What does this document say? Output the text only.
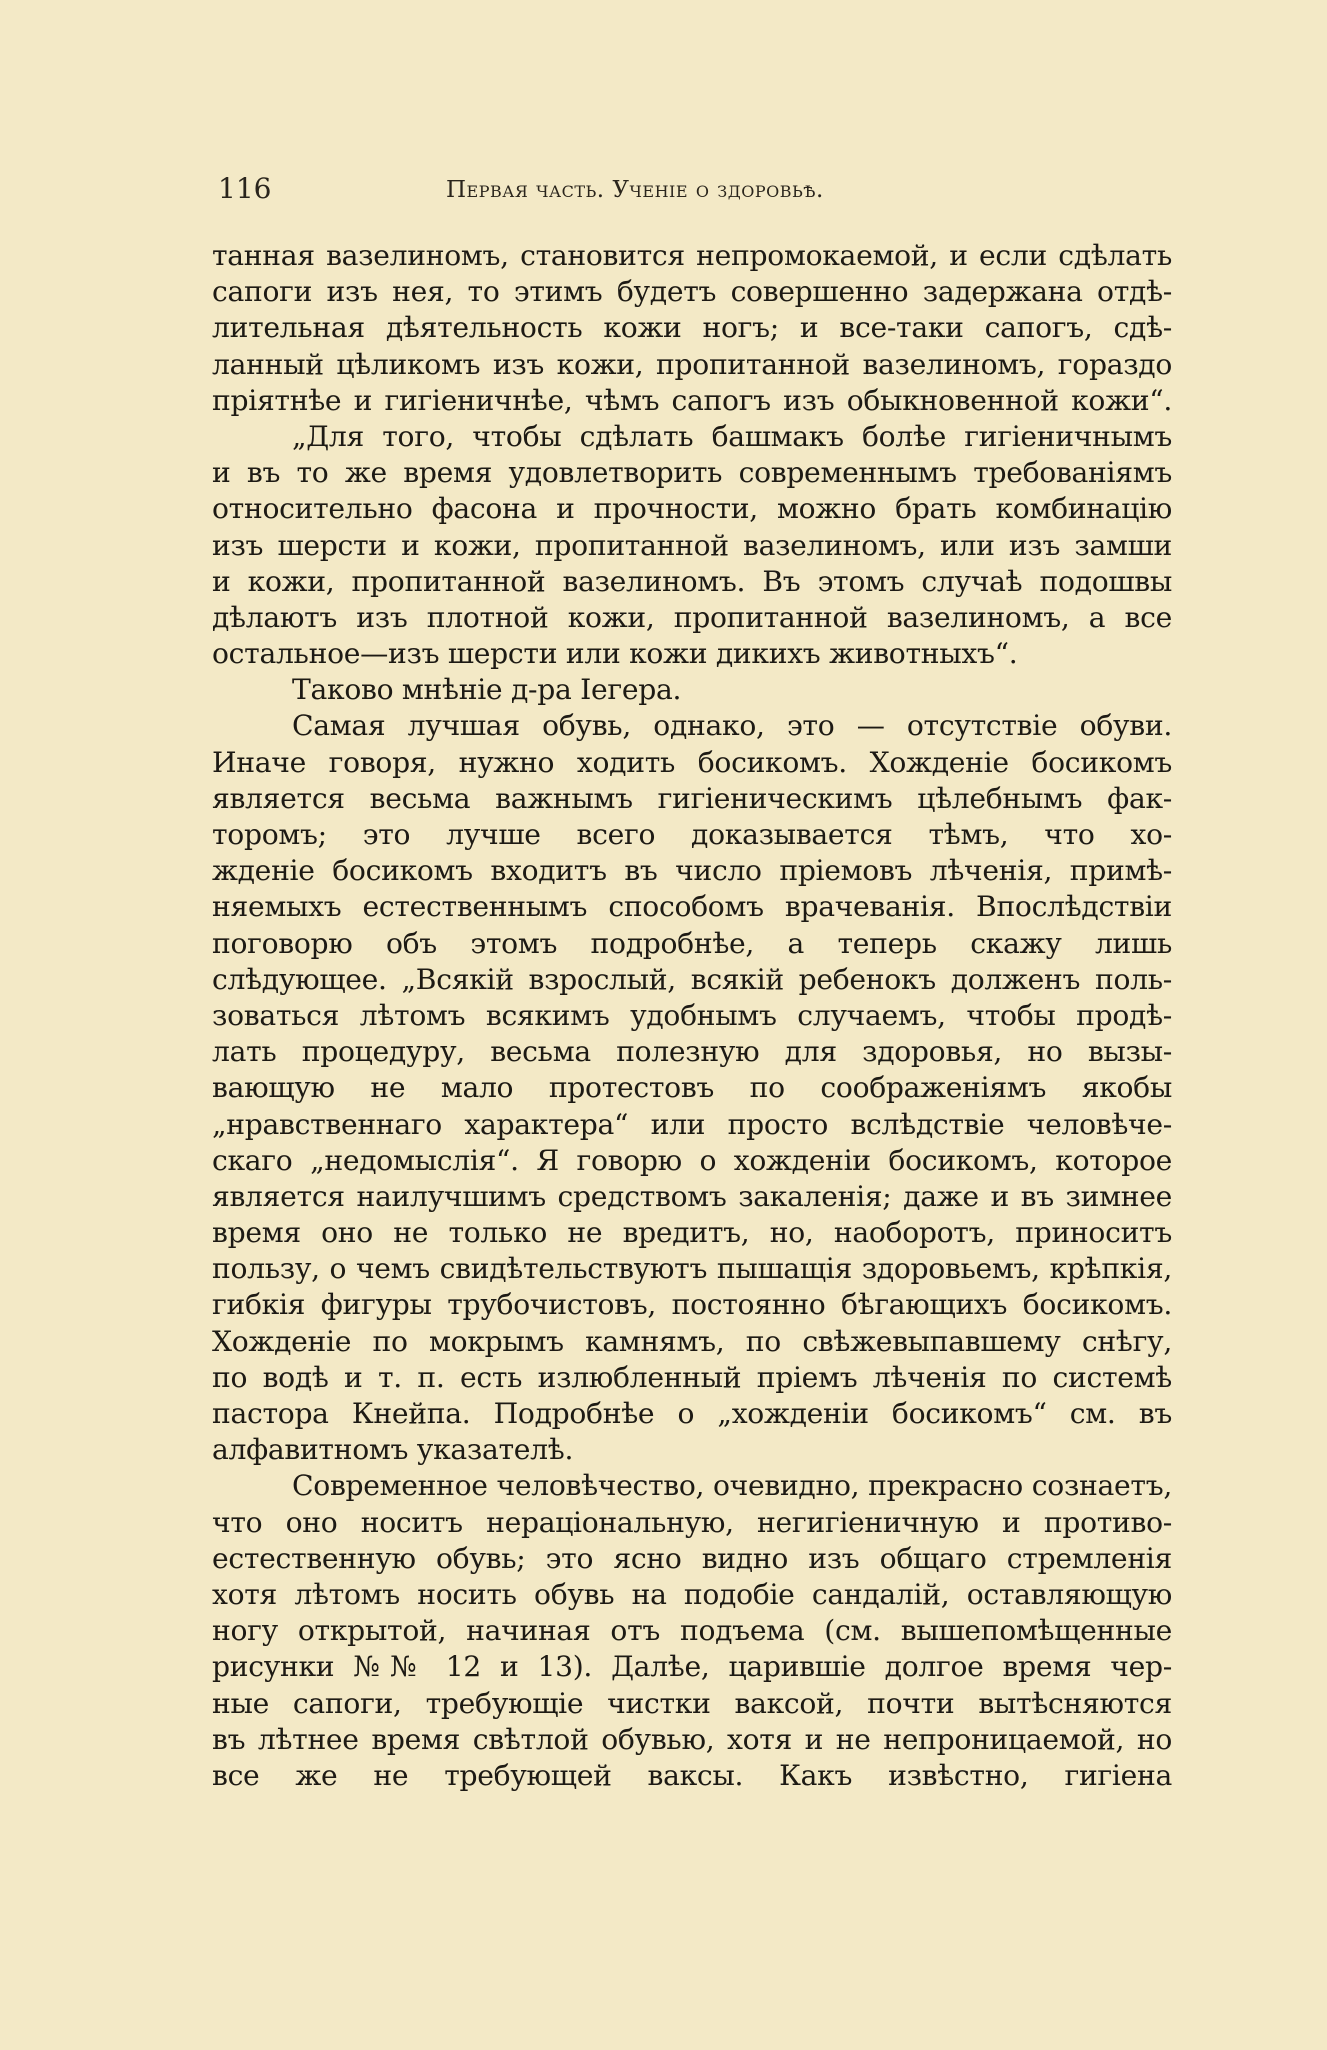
116	Первая часть. Ученіе о здоровьѣ.
танная вазелиномъ, становится непромокаемой, и если сдѣлать
сапоги изъ нея, то этимъ будетъ совершенно задержана отдѣ-
лительная дѣятельность кожи ногъ; и все-таки сапогъ, сдѣ-
ланный цѣликомъ изъ кожи, пропитанной вазелиномъ, гораздо
пріятнѣе и гигіеничнѣе, чѣмъ сапогъ изъ обыкновенной кожи“.
„Для того, чтобы сдѣлать башмакъ болѣе гигіеничнымъ
и въ то же время удовлетворить современнымъ требованіямъ
относительно фасона и прочности, можно брать комбинацію
изъ шерсти и кожи, пропитанной вазелиномъ, или изъ замши
и кожи, пропитанной вазелиномъ. Въ этомъ случаѣ подошвы
дѣлаютъ изъ плотной кожи, пропитанной вазелиномъ, а все
остальное—изъ шерсти или кожи дикихъ животныхъ“.
Таково мнѣніе д-ра Iегера.
Самая лучшая обувь, однако, это — отсутствіе обуви.
Иначе говоря, нужно ходить босикомъ. Хожденіе босикомъ
является весьма важнымъ гигіеническимъ цѣлебнымъ фак-
торомъ; это лучше всего доказывается тѣмъ, что хо-
жденіе босикомъ входитъ въ число пріемовъ лѣченія, примѣ-
няемыхъ естественнымъ способомъ врачеванія. Впослѣдствіи
поговорю объ этомъ подробнѣе, а теперь скажу лишь
слѣдующее. „Всякій взрослый, всякій ребенокъ долженъ поль-
зоваться лѣтомъ всякимъ удобнымъ случаемъ, чтобы продѣ-
лать процедуру, весьма полезную для здоровья, но вызы-
вающую не мало протестовъ по соображеніямъ якобы
„нравственнаго характера“ или просто вслѣдствіе человѣче-
скаго „недомыслія“. Я говорю о хожденіи босикомъ, которое
является наилучшимъ средствомъ закаленія; даже и въ зимнее
время оно не только не вредитъ, но, наоборотъ, приноситъ
пользу, о чемъ свидѣтельствуютъ пышащія здоровьемъ, крѣпкія,
гибкія фигуры трубочистовъ, постоянно бѣгающихъ босикомъ.
Хожденіе по мокрымъ камнямъ, по свѣжевыпавшему снѣгу,
по водѣ и т. п. есть излюбленный пріемъ лѣченія по системѣ
пастора Кнейпа. Подробнѣе о „хожденіи босикомъ“ см. въ
алфавитномъ указателѣ.
Современное человѣчество, очевидно, прекрасно сознаетъ,
что оно носитъ нераціональную, негигіеничную и противо-
естественную обувь; это ясно видно изъ общаго стремленія
хотя лѣтомъ носить обувь на подобіе сандалій, оставляющую
ногу открытой, начиная отъ подъема (см. вышепомѣщенные
рисунки №№ 12 и 13). Далѣе, царившіе долгое время чер-
ные сапоги, требующіе чистки ваксой, почти вытѣсняются
въ лѣтнее время свѣтлой обувью, хотя и не непроницаемой, но
все же не требующей ваксы. Какъ извѣстно, гигіена
